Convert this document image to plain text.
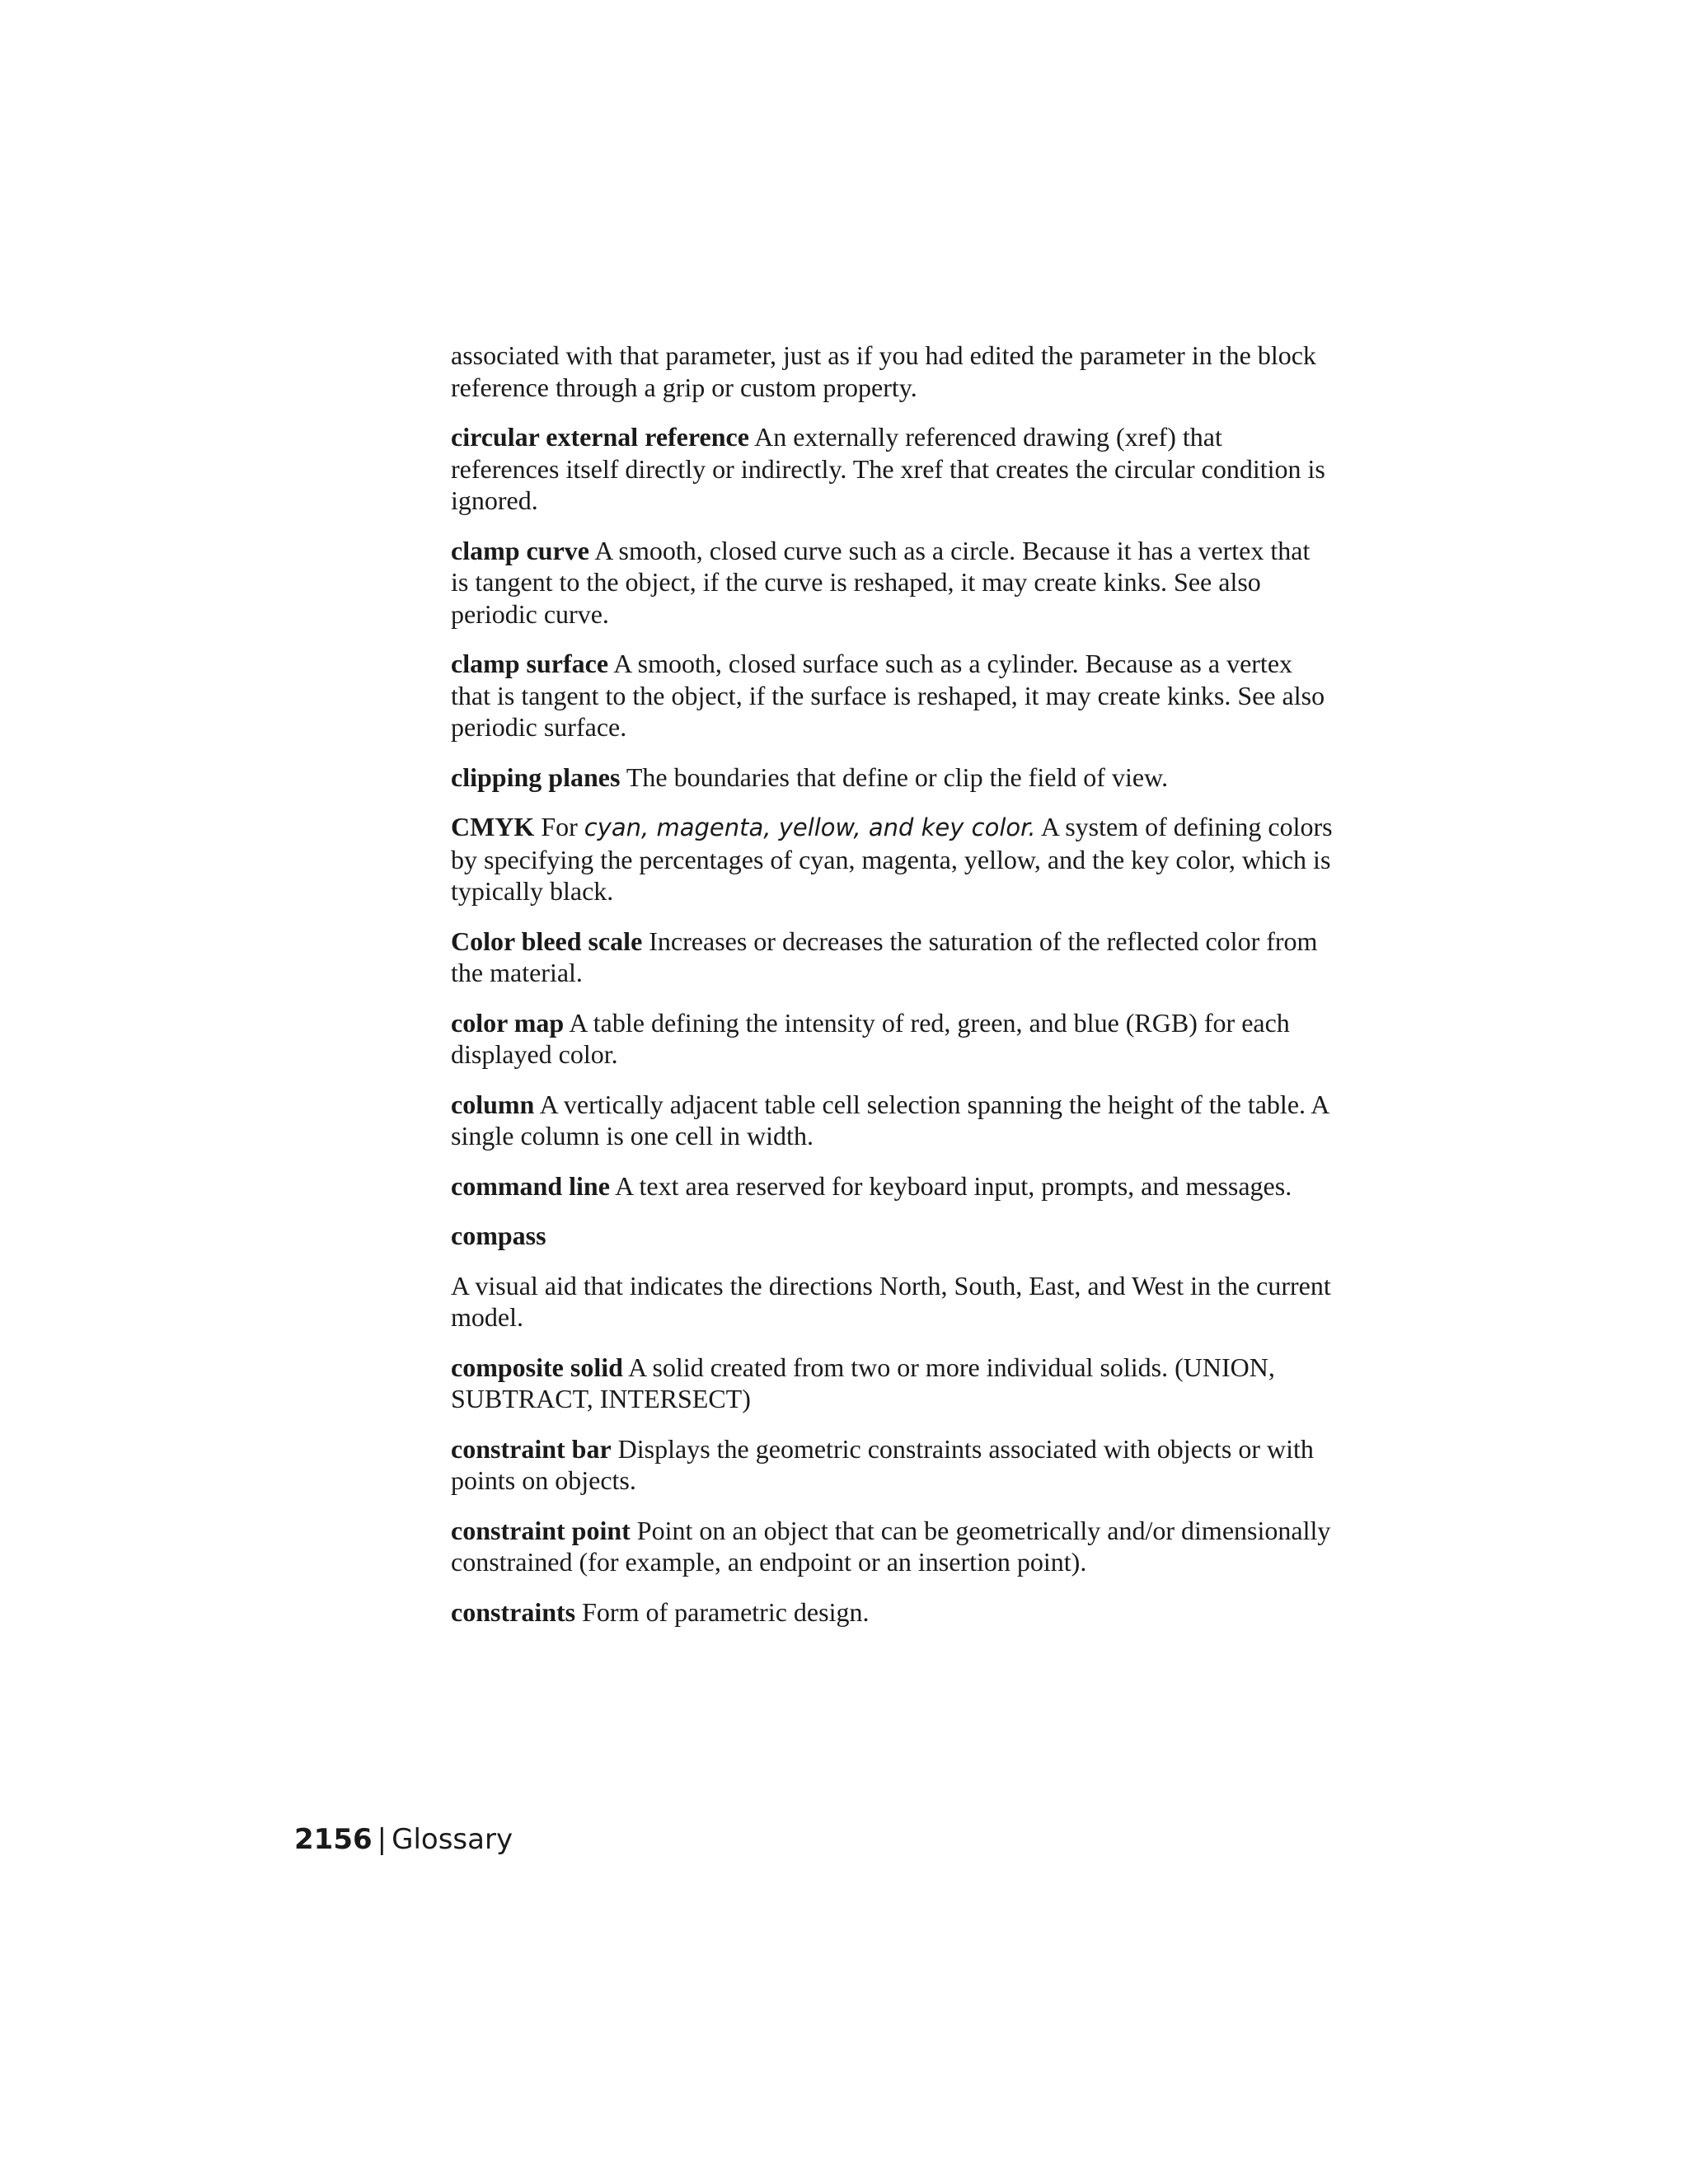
associated with that parameter, just as if you had edited the parameter in the block reference through a grip or custom property.

circular external reference An externally referenced drawing (xref) that references itself directly or indirectly. The xref that creates the circular condition is ignored.

clamp curve A smooth, closed curve such as a circle. Because it has a vertex that is tangent to the object, if the curve is reshaped, it may create kinks. See also periodic curve.

clamp surface A smooth, closed surface such as a cylinder. Because as a vertex that is tangent to the object, if the surface is reshaped, it may create kinks. See also periodic surface.

clipping planes The boundaries that define or clip the field of view.

CMYK For cyan, magenta, yellow, and key color. A system of defining colors by specifying the percentages of cyan, magenta, yellow, and the key color, which is typically black.

Color bleed scale Increases or decreases the saturation of the reflected color from the material.

color map A table defining the intensity of red, green, and blue (RGB) for each displayed color.

column A vertically adjacent table cell selection spanning the height of the table. A single column is one cell in width.

command line A text area reserved for keyboard input, prompts, and messages.

compass

A visual aid that indicates the directions North, South, East, and West in the current model.

composite solid A solid created from two or more individual solids. (UNION, SUBTRACT, INTERSECT)

constraint bar Displays the geometric constraints associated with objects or with points on objects.

constraint point Point on an object that can be geometrically and/or dimensionally constrained (for example, an endpoint or an insertion point).

constraints Form of parametric design.

2156 | Glossary
